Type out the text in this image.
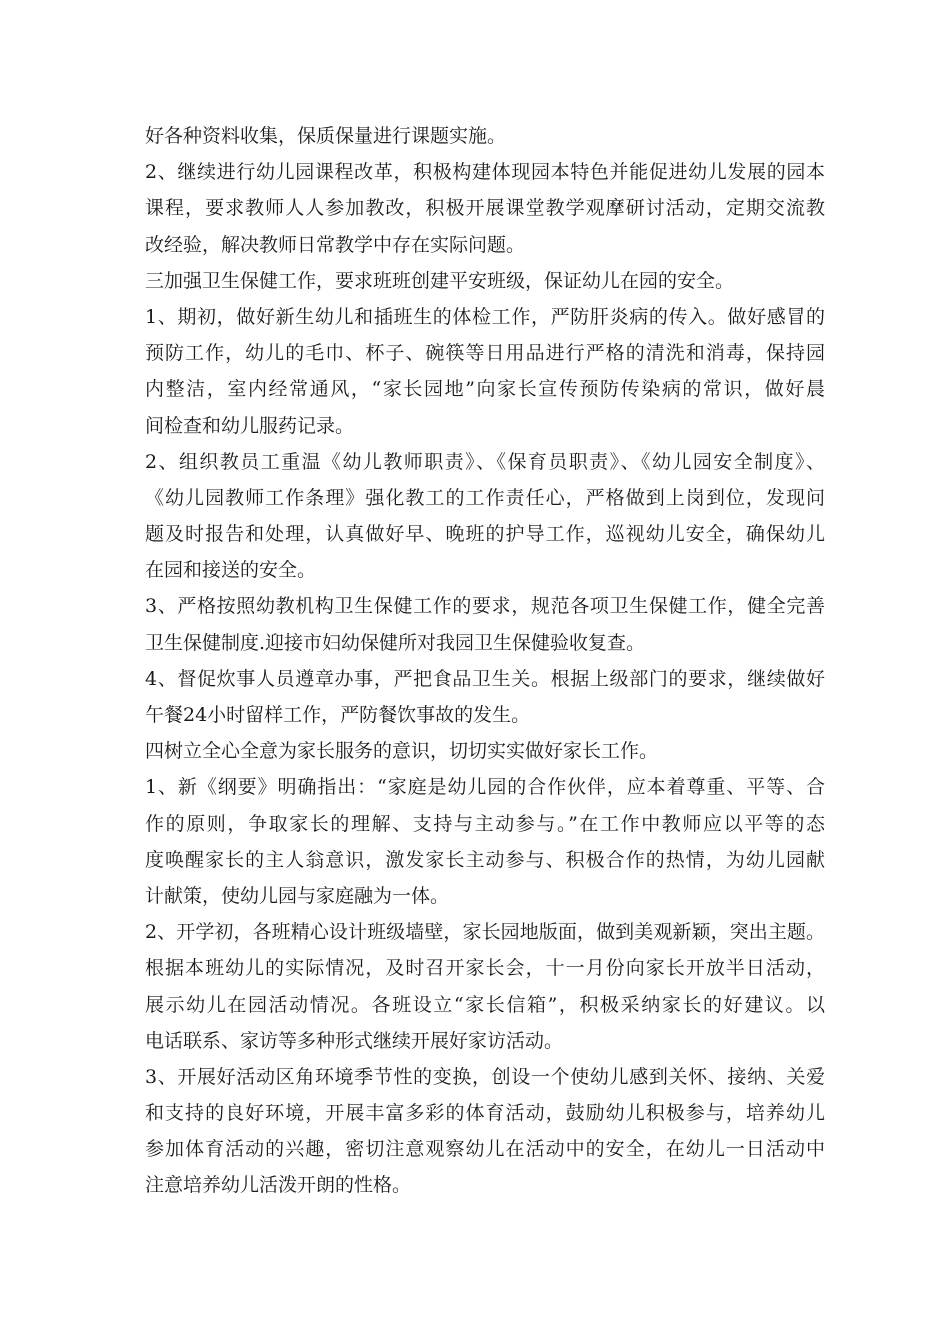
好各种资料收集，保质保量进行课题实施。
2、继续进行幼儿园课程改革，积极构建体现园本特色并能促进幼儿发展的园本
课程，要求教师人人参加教改，积极开展课堂教学观摩研讨活动，定期交流教
改经验，解决教师日常教学中存在实际问题。
三加强卫生保健工作，要求班班创建平安班级，保证幼儿在园的安全。
1、期初，做好新生幼儿和插班生的体检工作，严防肝炎病的传入。做好感冒的
预防工作，幼儿的毛巾、杯子、碗筷等日用品进行严格的清洗和消毒，保持园
内整洁，室内经常通风，“家长园地”向家长宣传预防传染病的常识，做好晨
间检查和幼儿服药记录。
2、组织教员工重温《幼儿教师职责》、《保育员职责》、《幼儿园安全制度》、
《幼儿园教师工作条理》强化教工的工作责任心，严格做到上岗到位，发现问
题及时报告和处理，认真做好早、晚班的护导工作，巡视幼儿安全，确保幼儿
在园和接送的安全。
3、严格按照幼教机构卫生保健工作的要求，规范各项卫生保健工作，健全完善
卫生保健制度.迎接市妇幼保健所对我园卫生保健验收复查。
4、督促炊事人员遵章办事，严把食品卫生关。根据上级部门的要求，继续做好
午餐24小时留样工作，严防餐饮事故的发生。
四树立全心全意为家长服务的意识，切切实实做好家长工作。
1、新《纲要》明确指出：“家庭是幼儿园的合作伙伴，应本着尊重、平等、合
作的原则，争取家长的理解、支持与主动参与。”在工作中教师应以平等的态
度唤醒家长的主人翁意识，激发家长主动参与、积极合作的热情，为幼儿园献
计献策，使幼儿园与家庭融为一体。
2、开学初，各班精心设计班级墙壁，家长园地版面，做到美观新颖，突出主题。
根据本班幼儿的实际情况，及时召开家长会，十一月份向家长开放半日活动，
展示幼儿在园活动情况。各班设立“家长信箱”，积极采纳家长的好建议。以
电话联系、家访等多种形式继续开展好家访活动。
3、开展好活动区角环境季节性的变换，创设一个使幼儿感到关怀、接纳、关爱
和支持的良好环境，开展丰富多彩的体育活动，鼓励幼儿积极参与，培养幼儿
参加体育活动的兴趣，密切注意观察幼儿在活动中的安全，在幼儿一日活动中
注意培养幼儿活泼开朗的性格。
